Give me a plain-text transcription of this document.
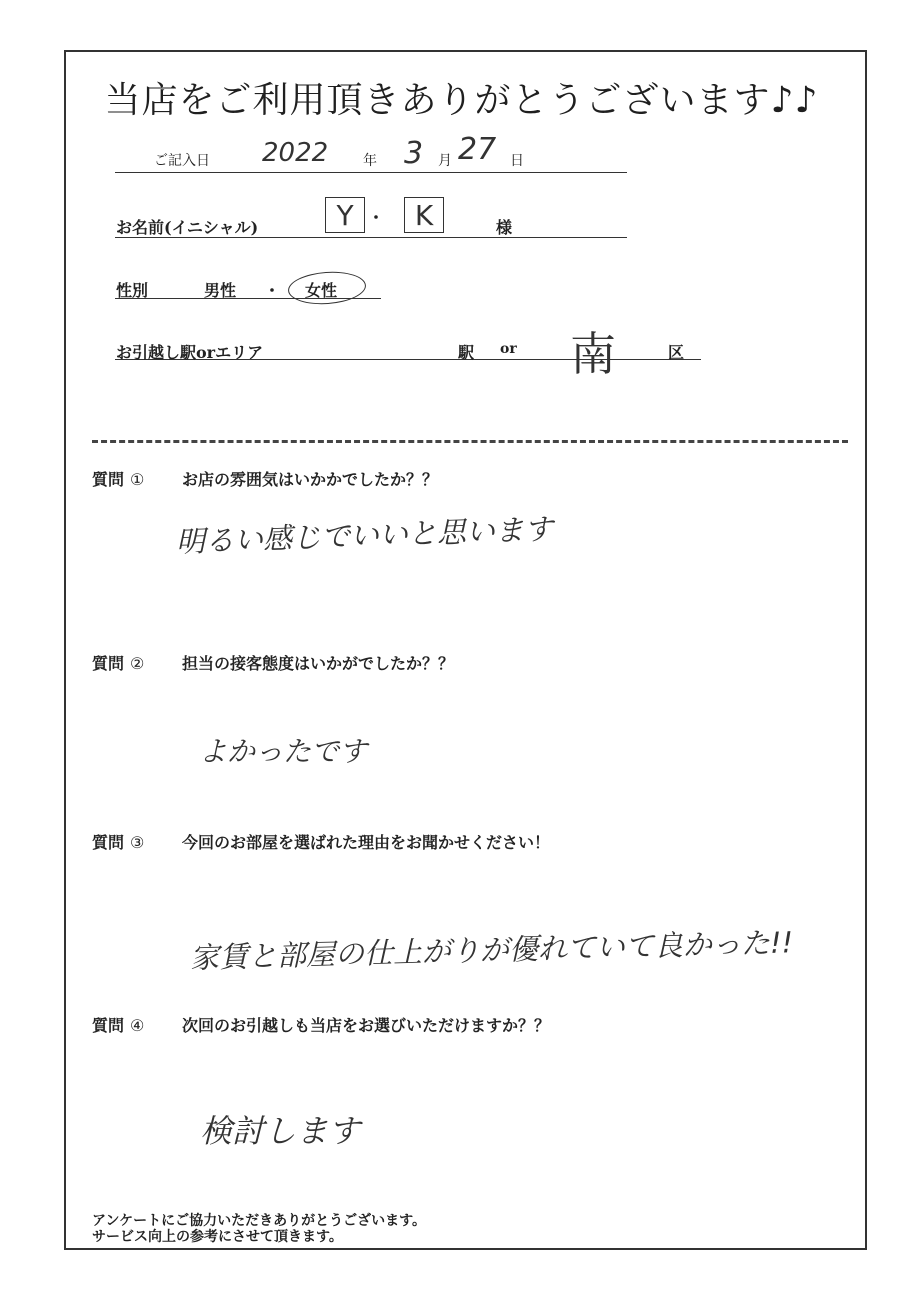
当店をご利用頂きありがとうございます♪♪
ご記入日 2022 年 3 月 27 日
お名前(イニシャル)	Y ・	K	様
性別	男性 ・ 女性
お引越し駅orエリア	駅 or 南	区
質問 ① お店の雰囲気はいかかでしたか？？
明るい感じでいいと思います
質問 ② 担当の接客態度はいかがでしたか？？
よかったです
質問 ③ 今回のお部屋を選ばれた理由をお聞かせください！
家賃と部屋の仕上がりが優れていて良かった!!
質問 ④ 次回のお引越しも当店をお選びいただけますか？？
検討します
アンケートにご協力いただきありがとうございます。
サービス向上の参考にさせて頂きます。
